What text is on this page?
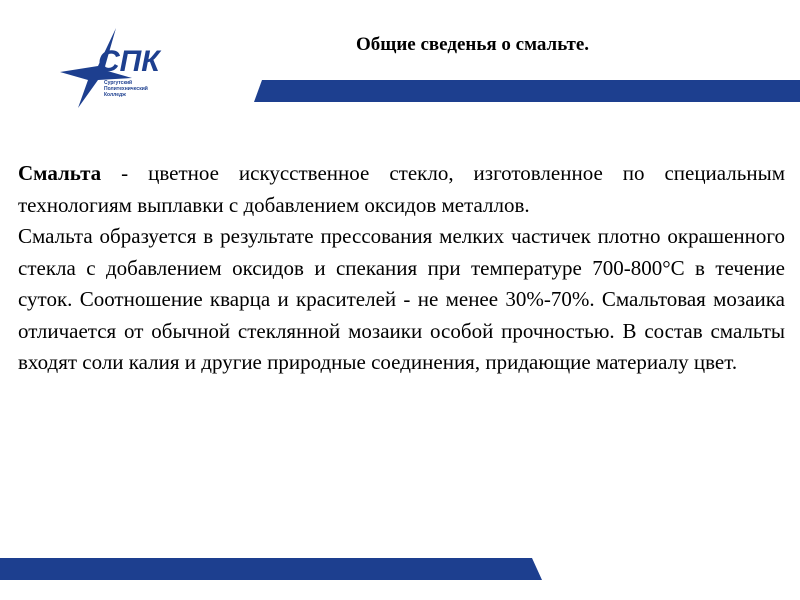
СПК
Сургутский
Политехнический
Колледж
Общие сведенья о смальте.

Смальта - цветное искусственное стекло, изготовленное по специальным технологиям выплавки с добавлением оксидов металлов.

Смальта образуется в результате прессования мелких частичек плотно окрашенного стекла с добавлением оксидов и спекания при температуре 700-800°С в течение суток. Соотношение кварца и красителей - не менее 30%-70%. Смальтовая мозаика отличается от обычной стеклянной мозаики особой прочностью. В состав смальты входят соли калия и другие природные соединения, придающие материалу цвет.
